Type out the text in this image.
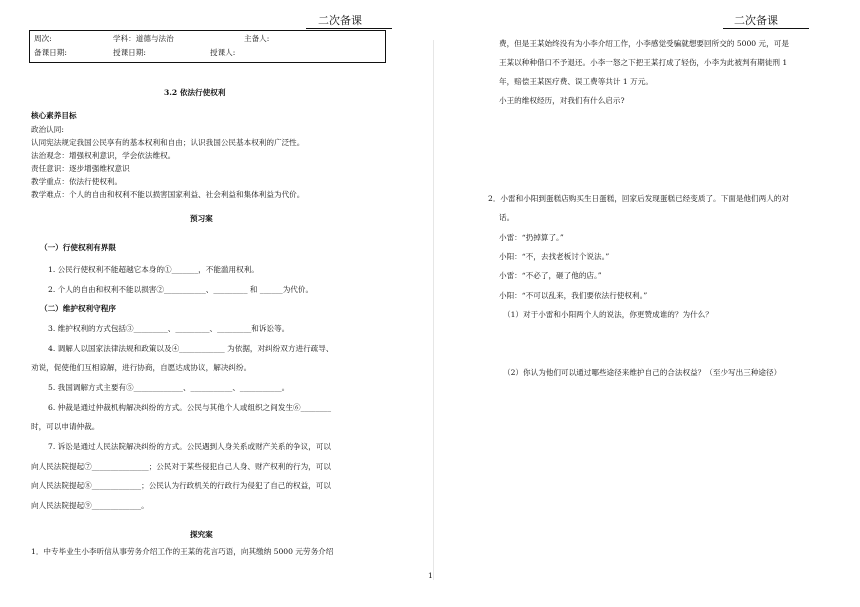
二次备课	二次备课
周次:	学科：道德与法治	主备人:
备课日期:	授课日期:	授课人:
3.2 依法行使权利
核心素养目标
政治认同:
认同宪法规定我国公民享有的基本权利和自由；认识我国公民基本权利的广泛性。
法治观念：增强权利意识，学会依法维权。
责任意识：逐步增强维权意识
教学重点：依法行使权利。
教学难点：个人的自由和权利不能以损害国家利益、社会利益和集体利益为代价。
预习案
（一）行使权利有界限
1. 公民行使权利不能超越它本身的①_______，不能滥用权利。
2. 个人的自由和权利不能以损害②___________、_________ 和 ______为代价。
（二）维护权利守程序
3. 维护权利的方式包括③_________、_________、_________和诉讼等。
4. 调解人以国家法律法规和政策以及④____________ 为依据，对纠纷双方进行疏导、
劝说，促使他们互相谅解，进行协商，自愿达成协议，解决纠纷。
5. 我国调解方式主要有⑤_____________、___________、___________。
6. 仲裁是通过仲裁机构解决纠纷的方式。公民与其他个人或组织之间发生⑥________
时，可以申请仲裁。
7. 诉讼是通过人民法院解决纠纷的方式。公民遇到人身关系或财产关系的争议，可以
向人民法院提起⑦_______________；公民对于某些侵犯自己人身、财产权利的行为，可以
向人民法院提起⑧_____________；公民认为行政机关的行政行为侵犯了自己的权益，可以
向人民法院提起⑨_____________。
探究案
1．中专毕业生小李听信从事劳务介绍工作的王某的花言巧语，向其缴纳 5000 元劳务介绍
1
费，但是王某始终没有为小李介绍工作，小李感觉受骗就想要回所交的 5000 元，可是
王某以种种借口不予退还。小李一怒之下把王某打成了轻伤，小李为此被判有期徒刑 1
年，赔偿王某医疗费、误工费等共计 1 万元。
小王的维权经历，对我们有什么启示?
2．小雷和小阳到蛋糕店购买生日蛋糕，回家后发现蛋糕已经变质了。下面是他们两人的对
话。
小雷：“扔掉算了。”
小阳：“不，去找老板讨个说法。”
小雷：“不必了，砸了他的店。”
小阳：“不可以乱来，我们要依法行使权利。”
（1）对于小雷和小阳两个人的说法，你更赞成谁的？为什么？
（2）你认为他们可以通过哪些途径来维护自己的合法权益？（至少写出三种途径）
